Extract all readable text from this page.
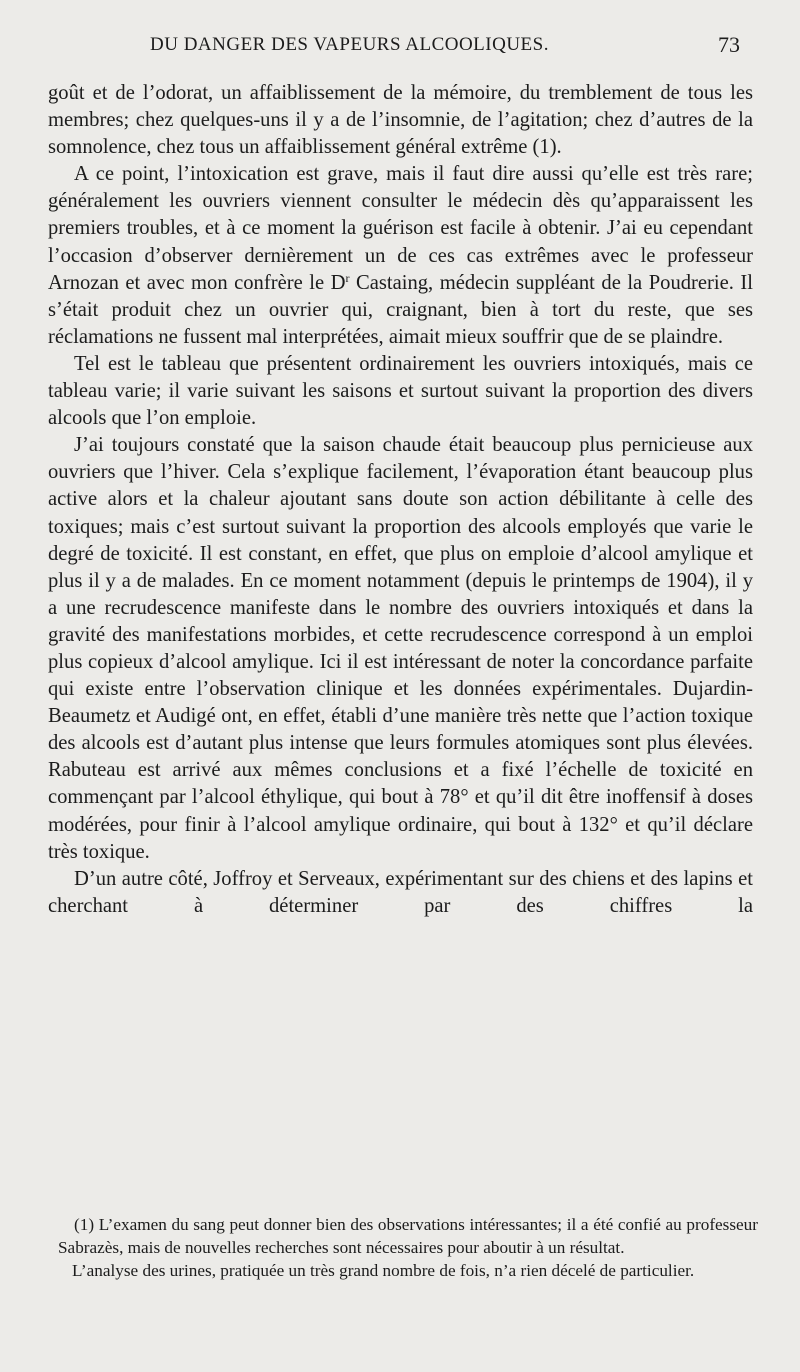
DU DANGER DES VAPEURS ALCOOLIQUES.	73

goût et de l’odorat, un affaiblissement de la mémoire, du tremblement de tous les membres; chez quelques-uns il y a de l’insomnie, de l’agitation; chez d’autres de la somnolence, chez tous un affaiblissement général extrême (1).

A ce point, l’intoxication est grave, mais il faut dire aussi qu’elle est très rare; généralement les ouvriers viennent consulter le médecin dès qu’apparaissent les premiers troubles, et à ce moment la guérison est facile à obtenir. J’ai eu cependant l’occasion d’observer dernièrement un de ces cas extrêmes avec le professeur Arnozan et avec mon confrère le $D^r$ Castaing, médecin suppléant de la Poudrerie. Il s’était produit chez un ouvrier qui, craignant, bien à tort du reste, que ses réclamations ne fussent mal interprétées, aimait mieux souffrir que de se plaindre.

Tel est le tableau que présentent ordinairement les ouvriers intoxiqués, mais ce tableau varie; il varie suivant les saisons et surtout suivant la proportion des divers alcools que l’on emploie.

J’ai toujours constaté que la saison chaude était beaucoup plus pernicieuse aux ouvriers que l’hiver. Cela s’explique facilement, l’évaporation étant beaucoup plus active alors et la chaleur ajoutant sans doute son action débilitante à celle des toxiques; mais c’est surtout suivant la proportion des alcools employés que varie le degré de toxicité. Il est constant, en effet, que plus on emploie d’alcool amylique et plus il y a de malades. En ce moment notamment (depuis le printemps de 1904), il y a une recrudescence manifeste dans le nombre des ouvriers intoxiqués et dans la gravité des manifestations morbides, et cette recrudescence correspond à un emploi plus copieux d’alcool amylique. Ici il est intéressant de noter la concordance parfaite qui existe entre l’observation clinique et les données expérimentales. Dujardin-Beaumetz et Audigé ont, en effet, établi d’une manière très nette que l’action toxique des alcools est d’autant plus intense que leurs formules atomiques sont plus élevées. Rabuteau est arrivé aux mêmes conclusions et a fixé l’échelle de toxicité en commençant par l’alcool éthylique, qui bout à 78° et qu’il dit être inoffensif à doses modérées, pour finir à l’alcool amylique ordinaire, qui bout à 132° et qu’il déclare très toxique.

D’un autre côté, Joffroy et Serveaux, expérimentant sur des chiens et des lapins et cherchant à déterminer par des chiffres la

(1) L’examen du sang peut donner bien des observations intéressantes; il a été confié au professeur Sabrazès, mais de nouvelles recherches sont nécessaires pour aboutir à un résultat.

L’analyse des urines, pratiquée un très grand nombre de fois, n’a rien décelé de particulier.
